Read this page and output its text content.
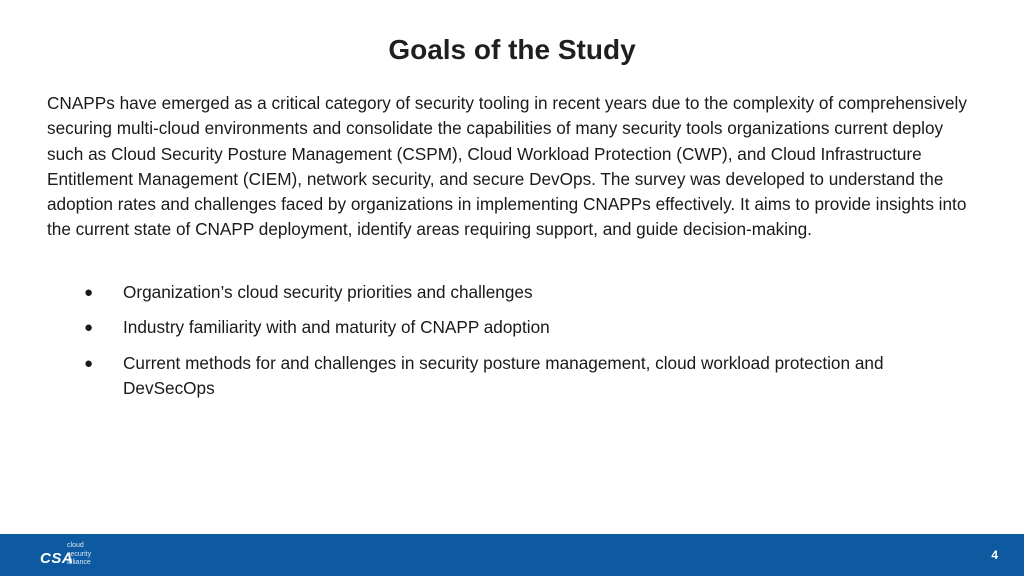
Goals of the Study

CNAPPs have emerged as a critical category of security tooling in recent years due to the complexity of comprehensively securing multi-cloud environments and consolidate the capabilities of many security tools organizations current deploy such as Cloud Security Posture Management (CSPM), Cloud Workload Protection (CWP), and Cloud Infrastructure Entitlement Management (CIEM), network security, and secure DevOps. The survey was developed to understand the adoption rates and challenges faced by organizations in implementing CNAPPs effectively. It aims to provide insights into the current state of CNAPP deployment, identify areas requiring support, and guide decision-making.

● Organization’s cloud security priorities and challenges
● Industry familiarity with and maturity of CNAPP adoption
● Current methods for and challenges in security posture management, cloud workload protection and DevSecOps
CSA
cloud
security
alliance
4
